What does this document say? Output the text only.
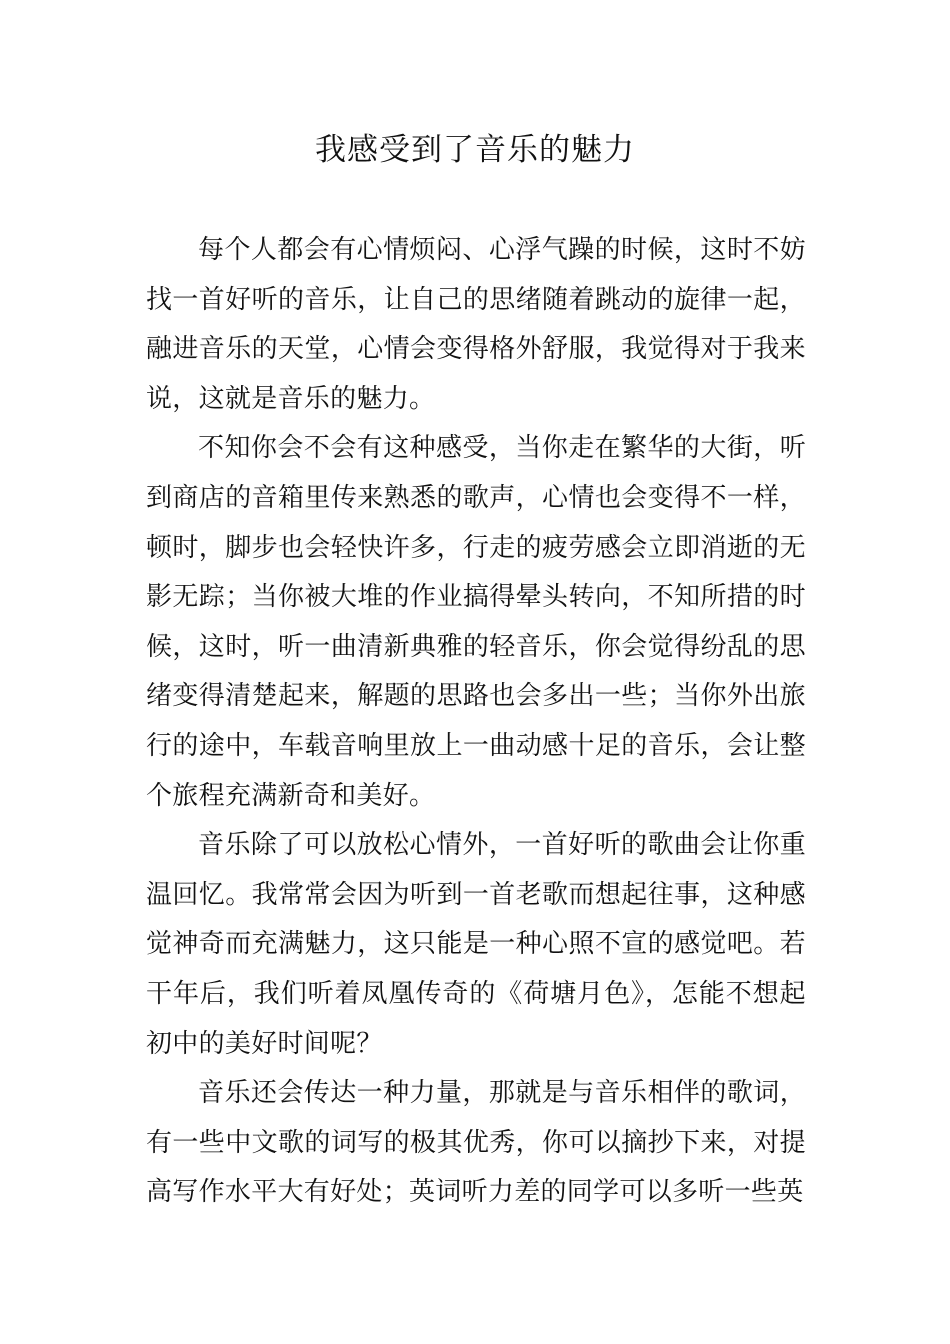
我感受到了音乐的魅力

每个人都会有心情烦闷、心浮气躁的时候，这时不妨找一首好听的音乐，让自己的思绪随着跳动的旋律一起，融进音乐的天堂，心情会变得格外舒服，我觉得对于我来说，这就是音乐的魅力。

不知你会不会有这种感受，当你走在繁华的大街，听到商店的音箱里传来熟悉的歌声，心情也会变得不一样，顿时，脚步也会轻快许多，行走的疲劳感会立即消逝的无影无踪；当你被大堆的作业搞得晕头转向，不知所措的时候，这时，听一曲清新典雅的轻音乐，你会觉得纷乱的思绪变得清楚起来，解题的思路也会多出一些；当你外出旅行的途中，车载音响里放上一曲动感十足的音乐，会让整个旅程充满新奇和美好。

音乐除了可以放松心情外，一首好听的歌曲会让你重温回忆。我常常会因为听到一首老歌而想起往事，这种感觉神奇而充满魅力，这只能是一种心照不宣的感觉吧。若干年后，我们听着凤凰传奇的《荷塘月色》，怎能不想起初中的美好时间呢？

音乐还会传达一种力量，那就是与音乐相伴的歌词，有一些中文歌的词写的极其优秀，你可以摘抄下来，对提高写作水平大有好处；英词听力差的同学可以多听一些英
